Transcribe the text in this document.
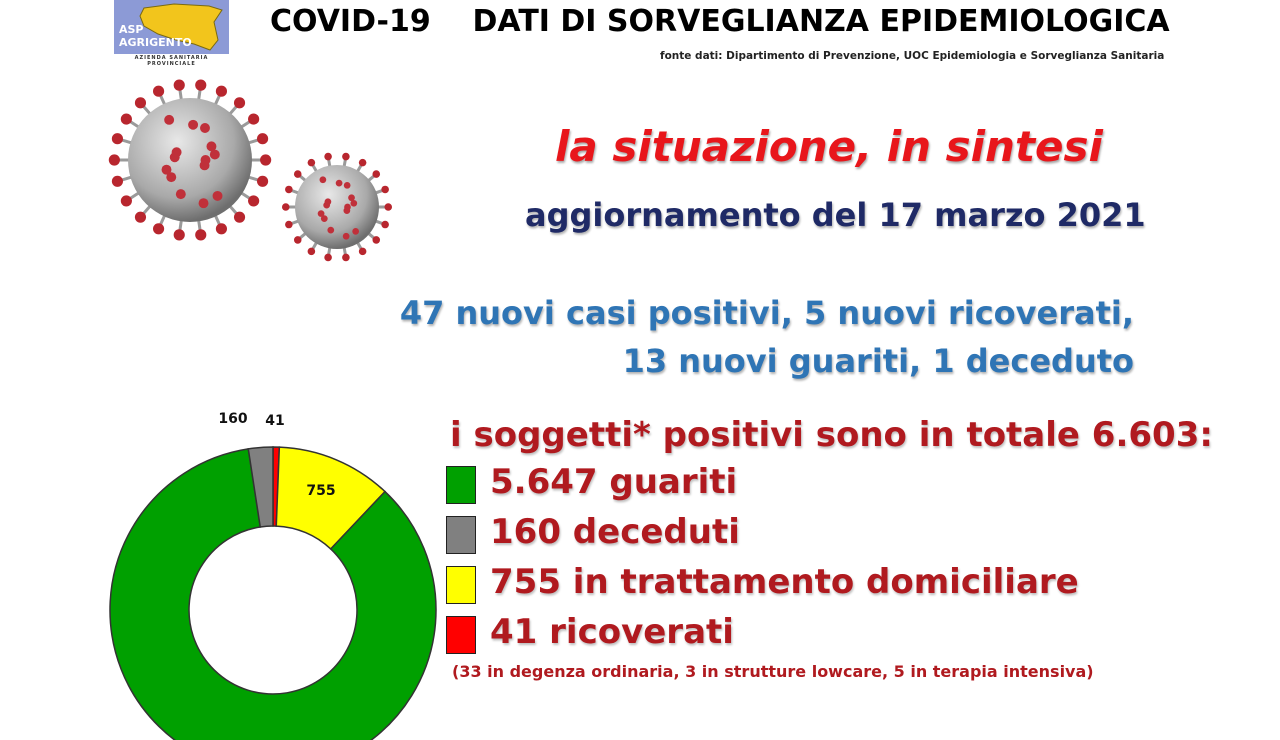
ASP
AGRIGENTO
AZIENDA SANITARIA PROVINCIALE
COVID-19    DATI DI SORVEGLIANZA EPIDEMIOLOGICA
fonte dati: Dipartimento di Prevenzione, UOC Epidemiologia e Sorveglianza Sanitaria
la situazione, in sintesi
aggiornamento del 17 marzo 2021
47 nuovi casi positivi, 5 nuovi ricoverati,
13 nuovi guariti, 1 deceduto
i soggetti* positivi sono in totale 6.603:
5.647 guariti
160 deceduti
755 in trattamento domiciliare
41 ricoverati
(33 in degenza ordinaria, 3 in strutture lowcare, 5 in terapia intensiva)
41
755
160
